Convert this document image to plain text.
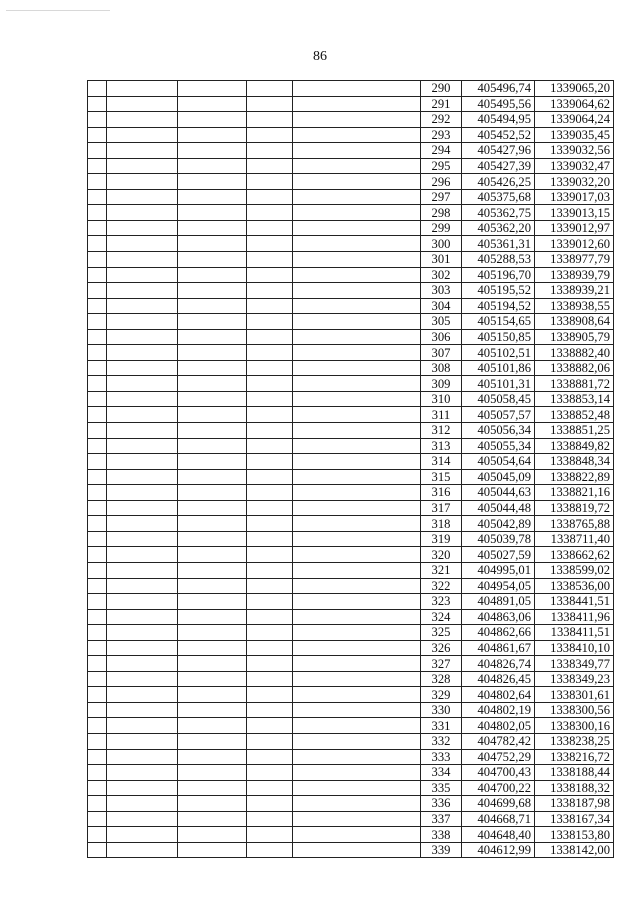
86
					290	405496,74	1339065,20
					291	405495,56	1339064,62
					292	405494,95	1339064,24
					293	405452,52	1339035,45
					294	405427,96	1339032,56
					295	405427,39	1339032,47
					296	405426,25	1339032,20
					297	405375,68	1339017,03
					298	405362,75	1339013,15
					299	405362,20	1339012,97
					300	405361,31	1339012,60
					301	405288,53	1338977,79
					302	405196,70	1338939,79
					303	405195,52	1338939,21
					304	405194,52	1338938,55
					305	405154,65	1338908,64
					306	405150,85	1338905,79
					307	405102,51	1338882,40
					308	405101,86	1338882,06
					309	405101,31	1338881,72
					310	405058,45	1338853,14
					311	405057,57	1338852,48
					312	405056,34	1338851,25
					313	405055,34	1338849,82
					314	405054,64	1338848,34
					315	405045,09	1338822,89
					316	405044,63	1338821,16
					317	405044,48	1338819,72
					318	405042,89	1338765,88
					319	405039,78	1338711,40
					320	405027,59	1338662,62
					321	404995,01	1338599,02
					322	404954,05	1338536,00
					323	404891,05	1338441,51
					324	404863,06	1338411,96
					325	404862,66	1338411,51
					326	404861,67	1338410,10
					327	404826,74	1338349,77
					328	404826,45	1338349,23
					329	404802,64	1338301,61
					330	404802,19	1338300,56
					331	404802,05	1338300,16
					332	404782,42	1338238,25
					333	404752,29	1338216,72
					334	404700,43	1338188,44
					335	404700,22	1338188,32
					336	404699,68	1338187,98
					337	404668,71	1338167,34
					338	404648,40	1338153,80
					339	404612,99	1338142,00
